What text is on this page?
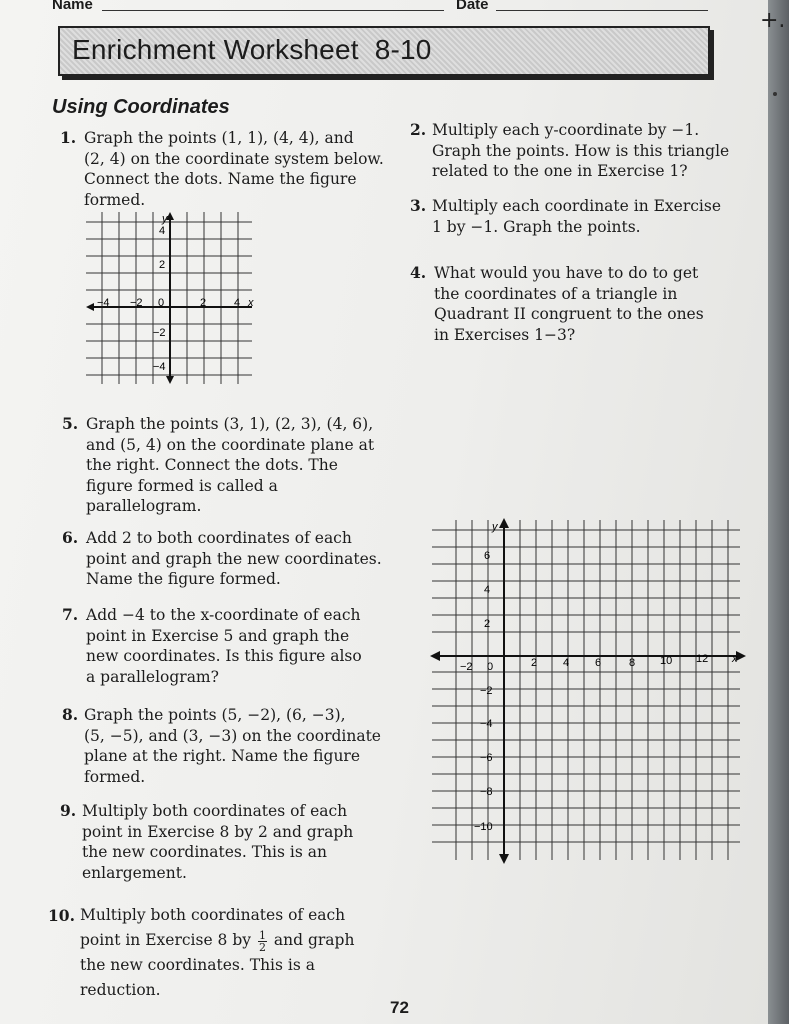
+.
Name	Date
Enrichment Worksheet 8-10
Using Coordinates
1. Graph the points (1, 1), (4, 4), and
(2, 4) on the coordinate system below.
Connect the dots. Name the figure
formed.
2. Multiply each y-coordinate by −1.
Graph the points. How is this triangle
related to the one in Exercise 1?
3. Multiply each coordinate in Exercise
1 by −1. Graph the points.
4. What would you have to do to get
the coordinates of a triangle in
Quadrant II congruent to the ones
in Exercises 1−3?
y
x
−4 −2 0	2	4
4
2
−2
−4
5. Graph the points (3, 1), (2, 3), (4, 6),
and (5, 4) on the coordinate plane at
the right. Connect the dots. The
figure formed is called a
parallelogram.
6. Add 2 to both coordinates of each
point and graph the new coordinates.
Name the figure formed.
7. Add −4 to the x-coordinate of each
point in Exercise 5 and graph the
new coordinates. Is this figure also
a parallelogram?
8. Graph the points (5, −2), (6, −3),
(5, −5), and (3, −3) on the coordinate
plane at the right. Name the figure
formed.
9. Multiply both coordinates of each
point in Exercise 8 by 2 and graph
the new coordinates. This is an
enlargement.
10. Multiply both coordinates of each
point in Exercise 8 by $\frac{1}{2}$ and graph
the new coordinates. This is a
reduction.
y
x
−2 0	2 4 6	8 10 12
6
4
2
−2
−4
−6
−8
−10
72
